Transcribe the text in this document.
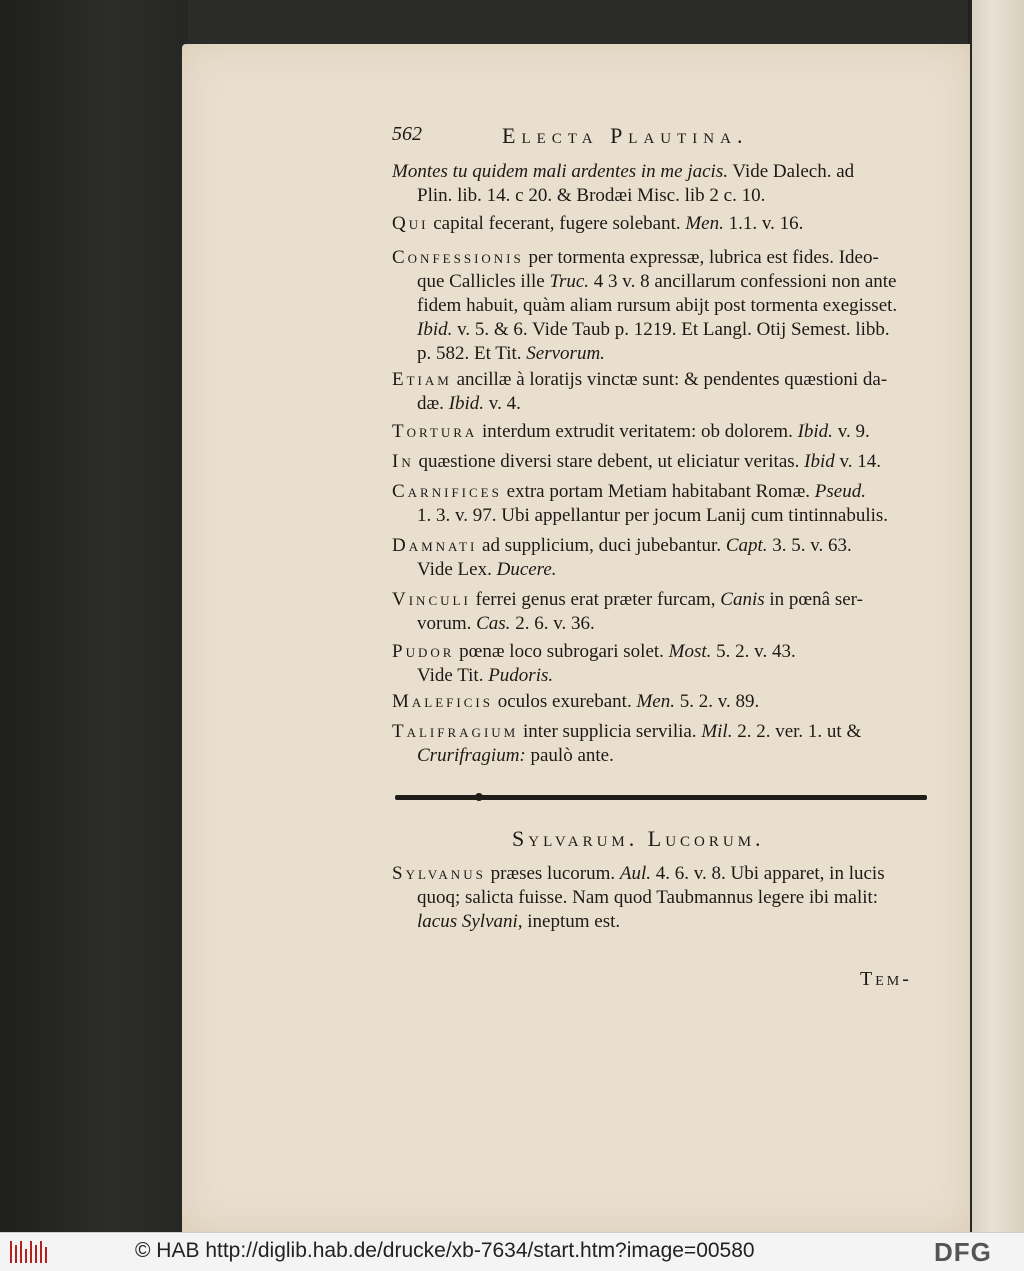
562	Electa Plautina.
Montes tu quidem mali ardentes in me jacis. Vide Dalech. ad
Plin. lib. 14. c 20. & Brodæi Misc. lib 2 c. 10.
Qui capital fecerant, fugere solebant. Men. 1.1. v. 16.
Confessionis per tormenta expressæ, lubrica est fides. Ideo-
que Callicles ille Truc. 4 3 v. 8 ancillarum confessioni non ante
fidem habuit, quàm aliam rursum abijt post tormenta exegisset.
Ibid. v. 5. & 6. Vide Taub p. 1219. Et Langl. Otij Semest. libb.
p. 582. Et Tit. Servorum.
Etiam ancillæ à loratijs vinctæ sunt: & pendentes quæstioni da-
dæ. Ibid. v. 4.
Tortura interdum extrudit veritatem: ob dolorem. Ibid. v. 9.
In quæstione diversi stare debent, ut eliciatur veritas. Ibid v. 14.
Carnifices extra portam Metiam habitabant Romæ. Pseud.
1. 3. v. 97. Ubi appellantur per jocum Lanij cum tintinnabulis.
Damnati ad supplicium, duci jubebantur. Capt. 3. 5. v. 63.
Vide Lex. Ducere.
Vinculi ferrei genus erat præter furcam, Canis in pœnâ ser-
vorum. Cas. 2. 6. v. 36.
Pudor pœnæ loco subrogari solet. Most. 5. 2. v. 43.
Vide Tit. Pudoris.
Maleficis oculos exurebant. Men. 5. 2. v. 89.
Talifragium inter supplicia servilia. Mil. 2. 2. ver. 1. ut &
Crurifragium: paulò ante.
Sylvarum. Lucorum.
Sylvanus præses lucorum. Aul. 4. 6. v. 8. Ubi apparet, in lucis
quoq; salicta fuisse. Nam quod Taubmannus legere ibi malit:
lacus Sylvani, ineptum est.
Tem-
© HAB http://diglib.hab.de/drucke/xb-7634/start.htm?image=00580	DFG
